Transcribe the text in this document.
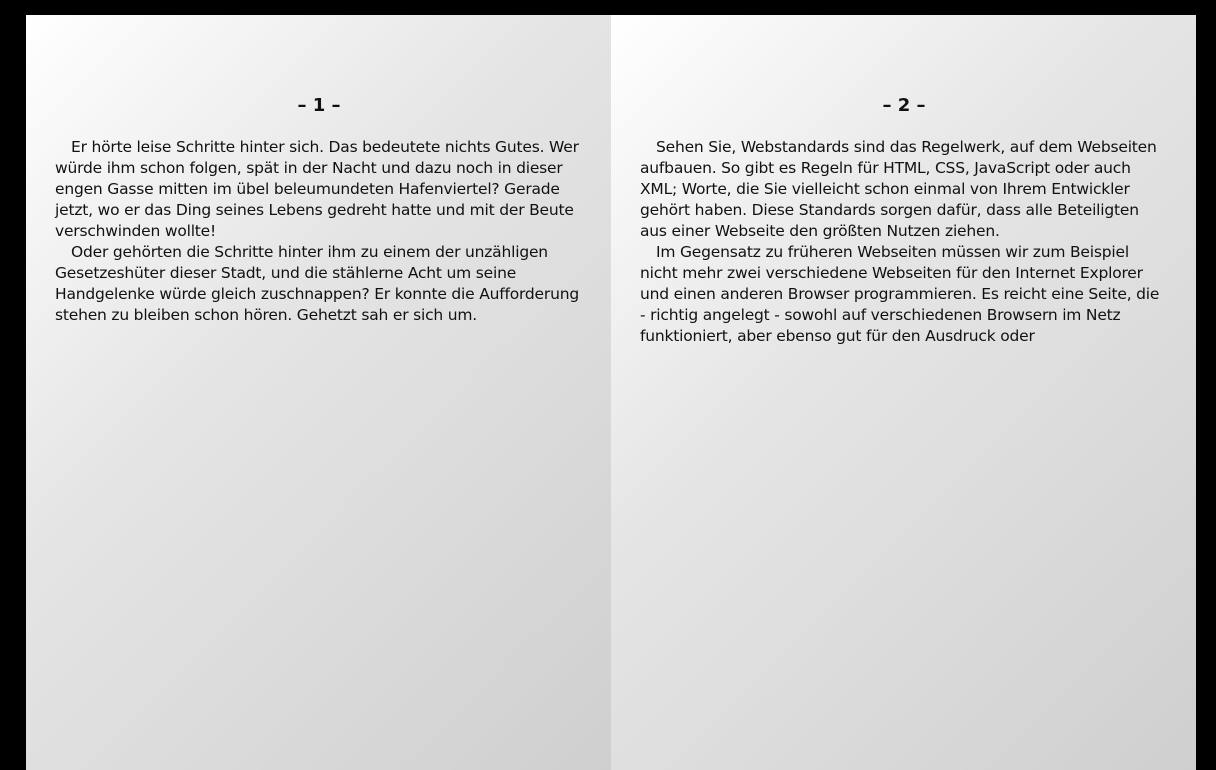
– 1 –

Er hörte leise Schritte hinter sich. Das bedeutete nichts Gutes. Wer würde ihm schon folgen, spät in der Nacht und dazu noch in dieser engen Gasse mitten im übel beleumundeten Hafenviertel? Gerade jetzt, wo er das Ding seines Lebens gedreht hatte und mit der Beute verschwinden wollte!

Oder gehörten die Schritte hinter ihm zu einem der unzähligen Gesetzeshüter dieser Stadt, und die stählerne Acht um seine Handgelenke würde gleich zuschnappen? Er konnte die Aufforderung stehen zu bleiben schon hören. Gehetzt sah er sich um.

– 2 –

Sehen Sie, Webstandards sind das Regelwerk, auf dem Webseiten aufbauen. So gibt es Regeln für HTML, CSS, JavaScript oder auch XML; Worte, die Sie vielleicht schon einmal von Ihrem Entwickler gehört haben. Diese Standards sorgen dafür, dass alle Beteiligten aus einer Webseite den größten Nutzen ziehen.

Im Gegensatz zu früheren Webseiten müssen wir zum Beispiel nicht mehr zwei verschiedene Webseiten für den Internet Explorer und einen anderen Browser programmieren. Es reicht eine Seite, die - richtig angelegt - sowohl auf verschiedenen Browsern im Netz funktioniert, aber ebenso gut für den Ausdruck oder
